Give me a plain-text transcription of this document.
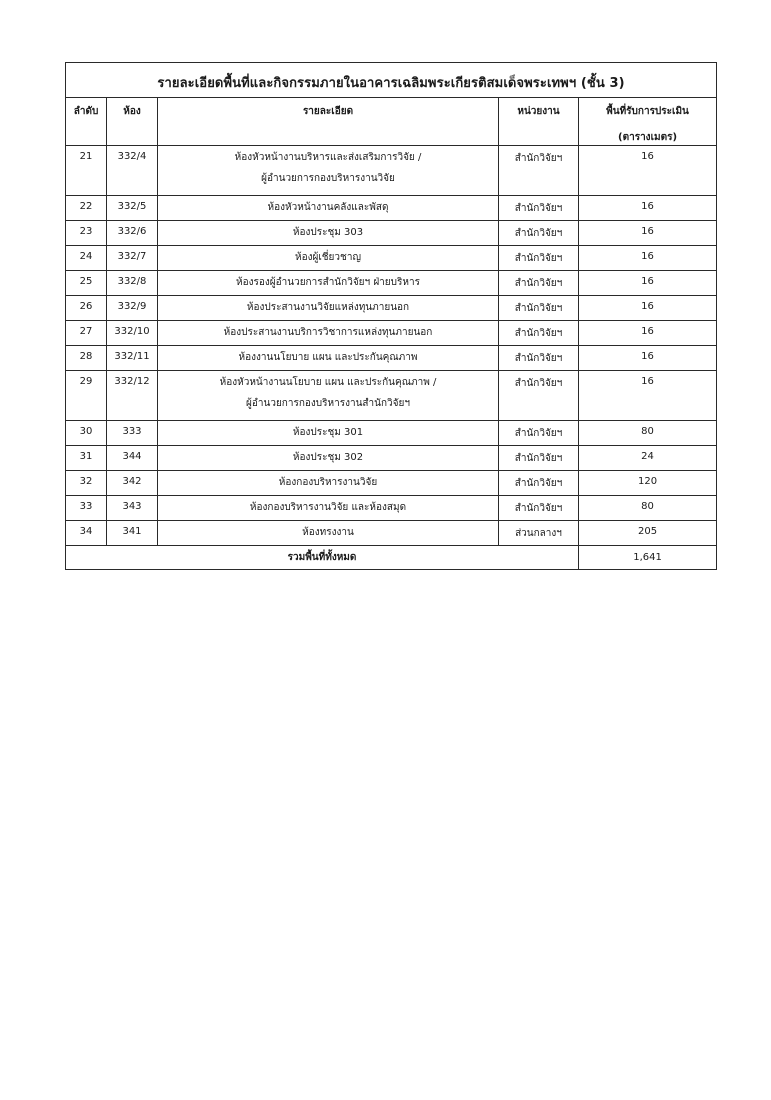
รายละเอียดพื้นที่และกิจกรรมภายในอาคารเฉลิมพระเกียรติสมเด็จพระเทพฯ (ชั้น 3)				
ลำดับ	ห้อง	รายละเอียด	หน่วยงาน	พื้นที่รับการประเมิน
(ตารางเมตร)

21	332/4	ห้องหัวหน้างานบริหารและส่งเสริมการวิจัย /
ผู้อำนวยการกองบริหารงานวิจัย	สำนักวิจัยฯ	16
22	332/5	ห้องหัวหน้างานคลังและพัสดุ	สำนักวิจัยฯ	16
23	332/6	ห้องประชุม 303	สำนักวิจัยฯ	16
24	332/7	ห้องผู้เชี่ยวชาญ	สำนักวิจัยฯ	16
25	332/8	ห้องรองผู้อำนวยการสำนักวิจัยฯ ฝ่ายบริหาร	สำนักวิจัยฯ	16
26	332/9	ห้องประสานงานวิจัยแหล่งทุนภายนอก	สำนักวิจัยฯ	16
27	332/10	ห้องประสานงานบริการวิชาการแหล่งทุนภายนอก	สำนักวิจัยฯ	16
28	332/11	ห้องงานนโยบาย แผน และประกันคุณภาพ	สำนักวิจัยฯ	16
29	332/12	ห้องหัวหน้างานนโยบาย แผน และประกันคุณภาพ /
ผู้อำนวยการกองบริหารงานสำนักวิจัยฯ	สำนักวิจัยฯ	16
30	333	ห้องประชุม 301	สำนักวิจัยฯ	80
31	344	ห้องประชุม 302	สำนักวิจัยฯ	24
32	342	ห้องกองบริหารงานวิจัย	สำนักวิจัยฯ	120
33	343	ห้องกองบริหารงานวิจัย และห้องสมุด	สำนักวิจัยฯ	80
34	341	ห้องทรงงาน	ส่วนกลางฯ	205
รวมพื้นที่ทั้งหมด				1,641
